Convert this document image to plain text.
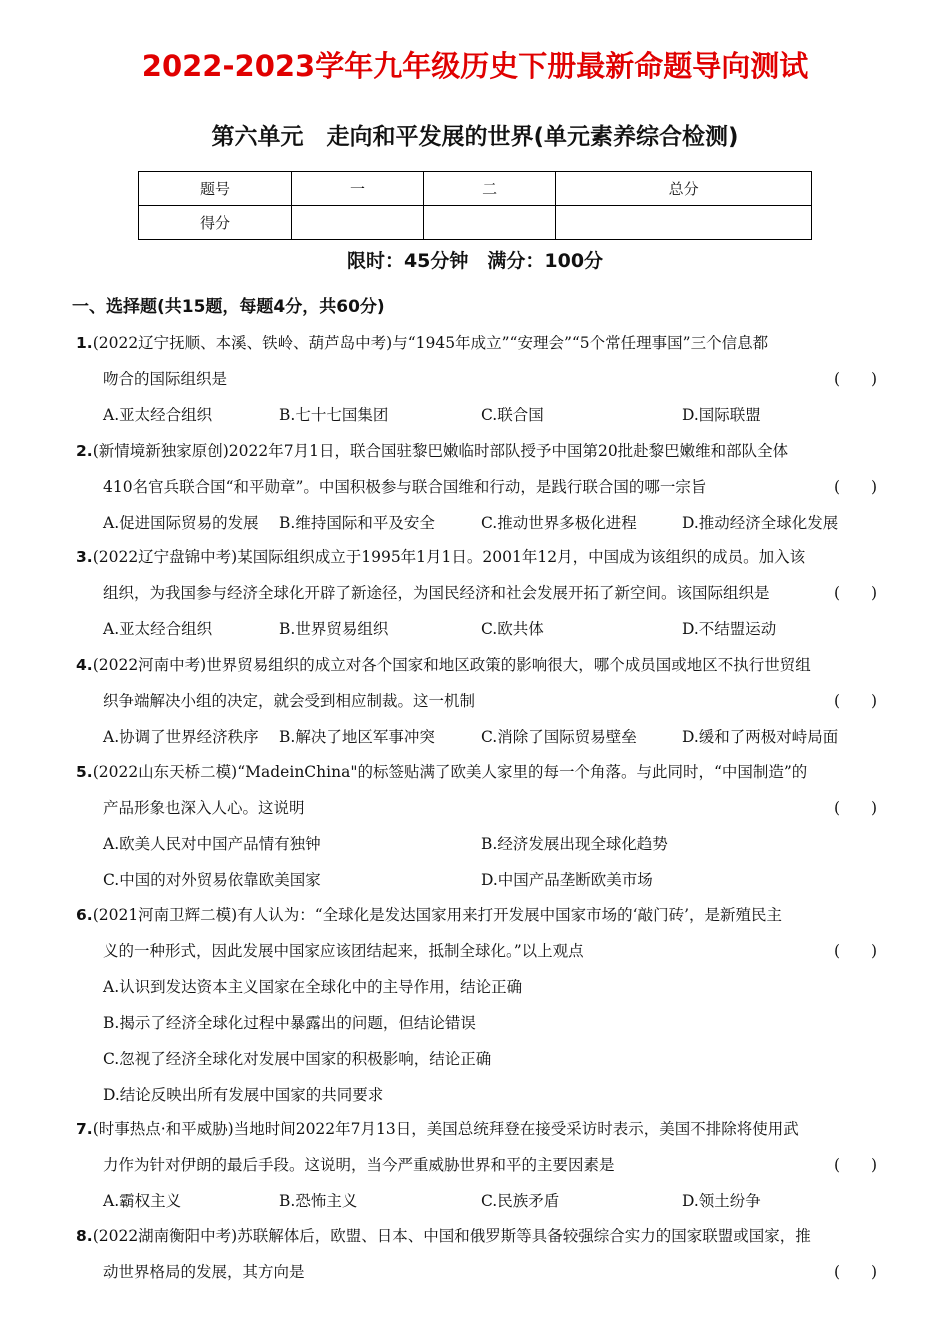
2022-2023学年九年级历史下册最新命题导向测试
第六单元　走向和平发展的世界(单元素养综合检测)
题号	一	二	总分
得分			
限时：45分钟　满分：100分
一、选择题(共15题，每题4分，共60分)
1.(2022辽宁抚顺、本溪、铁岭、葫芦岛中考)与“1945年成立”“安理会”“5个常任理事国”三个信息都
吻合的国际组织是	(　　)
A.亚太经合组织	B.七十七国集团	C.联合国	D.国际联盟
2.(新情境新独家原创)2022年7月1日，联合国驻黎巴嫩临时部队授予中国第20批赴黎巴嫩维和部队全体
410名官兵联合国“和平勋章”。中国积极参与联合国维和行动，是践行联合国的哪一宗旨	(　　)
A.促进国际贸易的发展 B.维持国际和平及安全	C.推动世界多极化进程	D.推动经济全球化发展
3.(2022辽宁盘锦中考)某国际组织成立于1995年1月1日。2001年12月，中国成为该组织的成员。加入该
组织，为我国参与经济全球化开辟了新途径，为国民经济和社会发展开拓了新空间。该国际组织是	(　　)
A.亚太经合组织	B.世界贸易组织	C.欧共体	D.不结盟运动
4.(2022河南中考)世界贸易组织的成立对各个国家和地区政策的影响很大，哪个成员国或地区不执行世贸组
织争端解决小组的决定，就会受到相应制裁。这一机制	(　　)
A.协调了世界经济秩序 B.解决了地区军事冲突	C.消除了国际贸易壁垒	D.缓和了两极对峙局面
5.(2022山东天桥二模)“MadeinChina"的标签贴满了欧美人家里的每一个角落。与此同时，“中国制造”的
产品形象也深入人心。这说明	(　　)
A.欧美人民对中国产品情有独钟	B.经济发展出现全球化趋势
C.中国的对外贸易依靠欧美国家	D.中国产品垄断欧美市场
6.(2021河南卫辉二模)有人认为：“全球化是发达国家用来打开发展中国家市场的‘敲门砖’，是新殖民主
义的一种形式，因此发展中国家应该团结起来，抵制全球化。”以上观点	(　　)
A.认识到发达资本主义国家在全球化中的主导作用，结论正确
B.揭示了经济全球化过程中暴露出的问题，但结论错误
C.忽视了经济全球化对发展中国家的积极影响，结论正确
D.结论反映出所有发展中国家的共同要求
7.(时事热点·和平威胁)当地时间2022年7月13日，美国总统拜登在接受采访时表示，美国不排除将使用武
力作为针对伊朗的最后手段。这说明，当今严重威胁世界和平的主要因素是	(　　)
A.霸权主义	B.恐怖主义	C.民族矛盾	D.领土纷争
8.(2022湖南衡阳中考)苏联解体后，欧盟、日本、中国和俄罗斯等具备较强综合实力的国家联盟或国家，推
动世界格局的发展，其方向是	(　　)
